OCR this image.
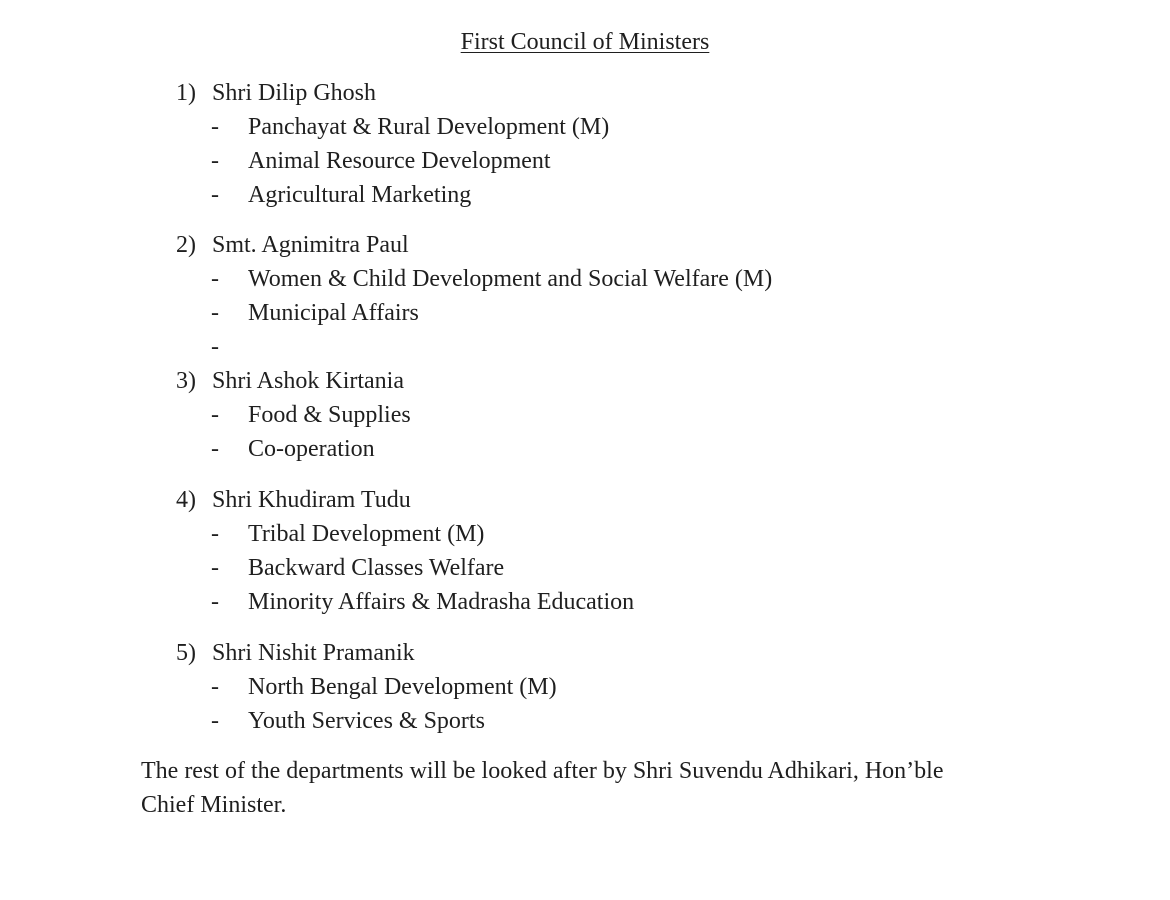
First Council of Ministers
1) Shri Dilip Ghosh
- Panchayat & Rural Development (M)
- Animal Resource Development
- Agricultural Marketing
2) Smt. Agnimitra Paul
- Women & Child Development and Social Welfare (M)
- Municipal Affairs
-
3) Shri Ashok Kirtania
- Food & Supplies
- Co-operation
4) Shri Khudiram Tudu
- Tribal Development (M)
- Backward Classes Welfare
- Minority Affairs & Madrasha Education
5) Shri Nishit Pramanik
- North Bengal Development (M)
- Youth Services & Sports
The rest of the departments will be looked after by Shri Suvendu Adhikari, Hon’ble
Chief Minister.
